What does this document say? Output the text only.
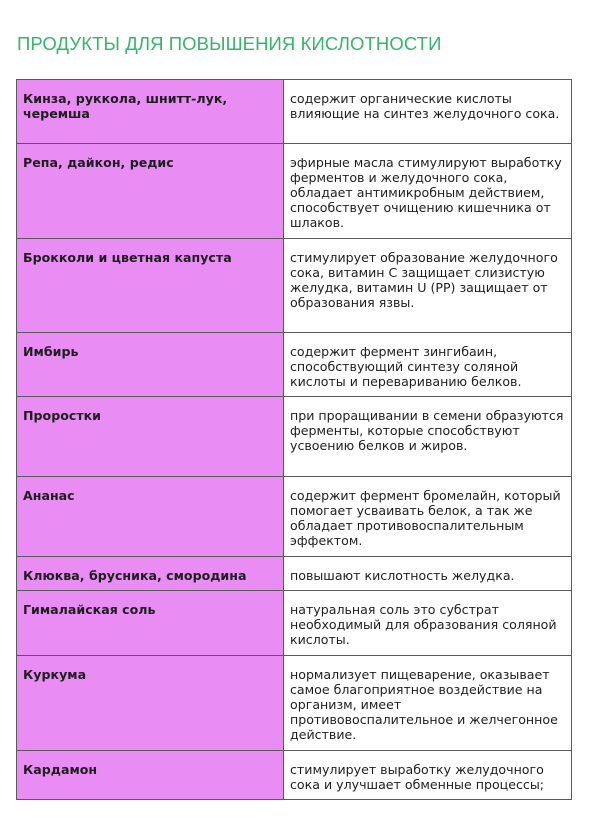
ПРОДУКТЫ ДЛЯ ПОВЫШЕНИЯ КИСЛОТНОСТИ
Кинза, руккола, шнитт-лук, черемша	содержит органические кислоты влияющие на синтез желудочного сока.
Репа, дайкон, редис	эфирные масла стимулируют выработку ферментов и желудочного сока, обладает антимикробным действием, способствует очищению кишечника от шлаков.
Брокколи и цветная капуста	стимулирует образование желудочного сока, витамин С защищает слизистую желудка, витамин U (PP) защищает от образования язвы.
Имбирь	содержит фермент зингибаин, способствующий синтезу соляной кислоты и перевариванию белков.
Проростки	при проращивании в семени образуются ферменты, которые способствуют усвоению белков и жиров.
Ананас	содержит фермент бромелайн, который помогает усваивать белок, а так же обладает противовоспалительным эффектом.
Клюква, брусника, смородина	повышают кислотность желудка.
Гималайская соль	натуральная соль это субстрат необходимый для образования соляной кислоты.
Куркума	нормализует пищеварение, оказывает самое благоприятное воздействие на организм, имеет противовоспалительное и желчегонное действие.
Кардамон	стимулирует выработку желудочного сока и улучшает обменные процессы;
